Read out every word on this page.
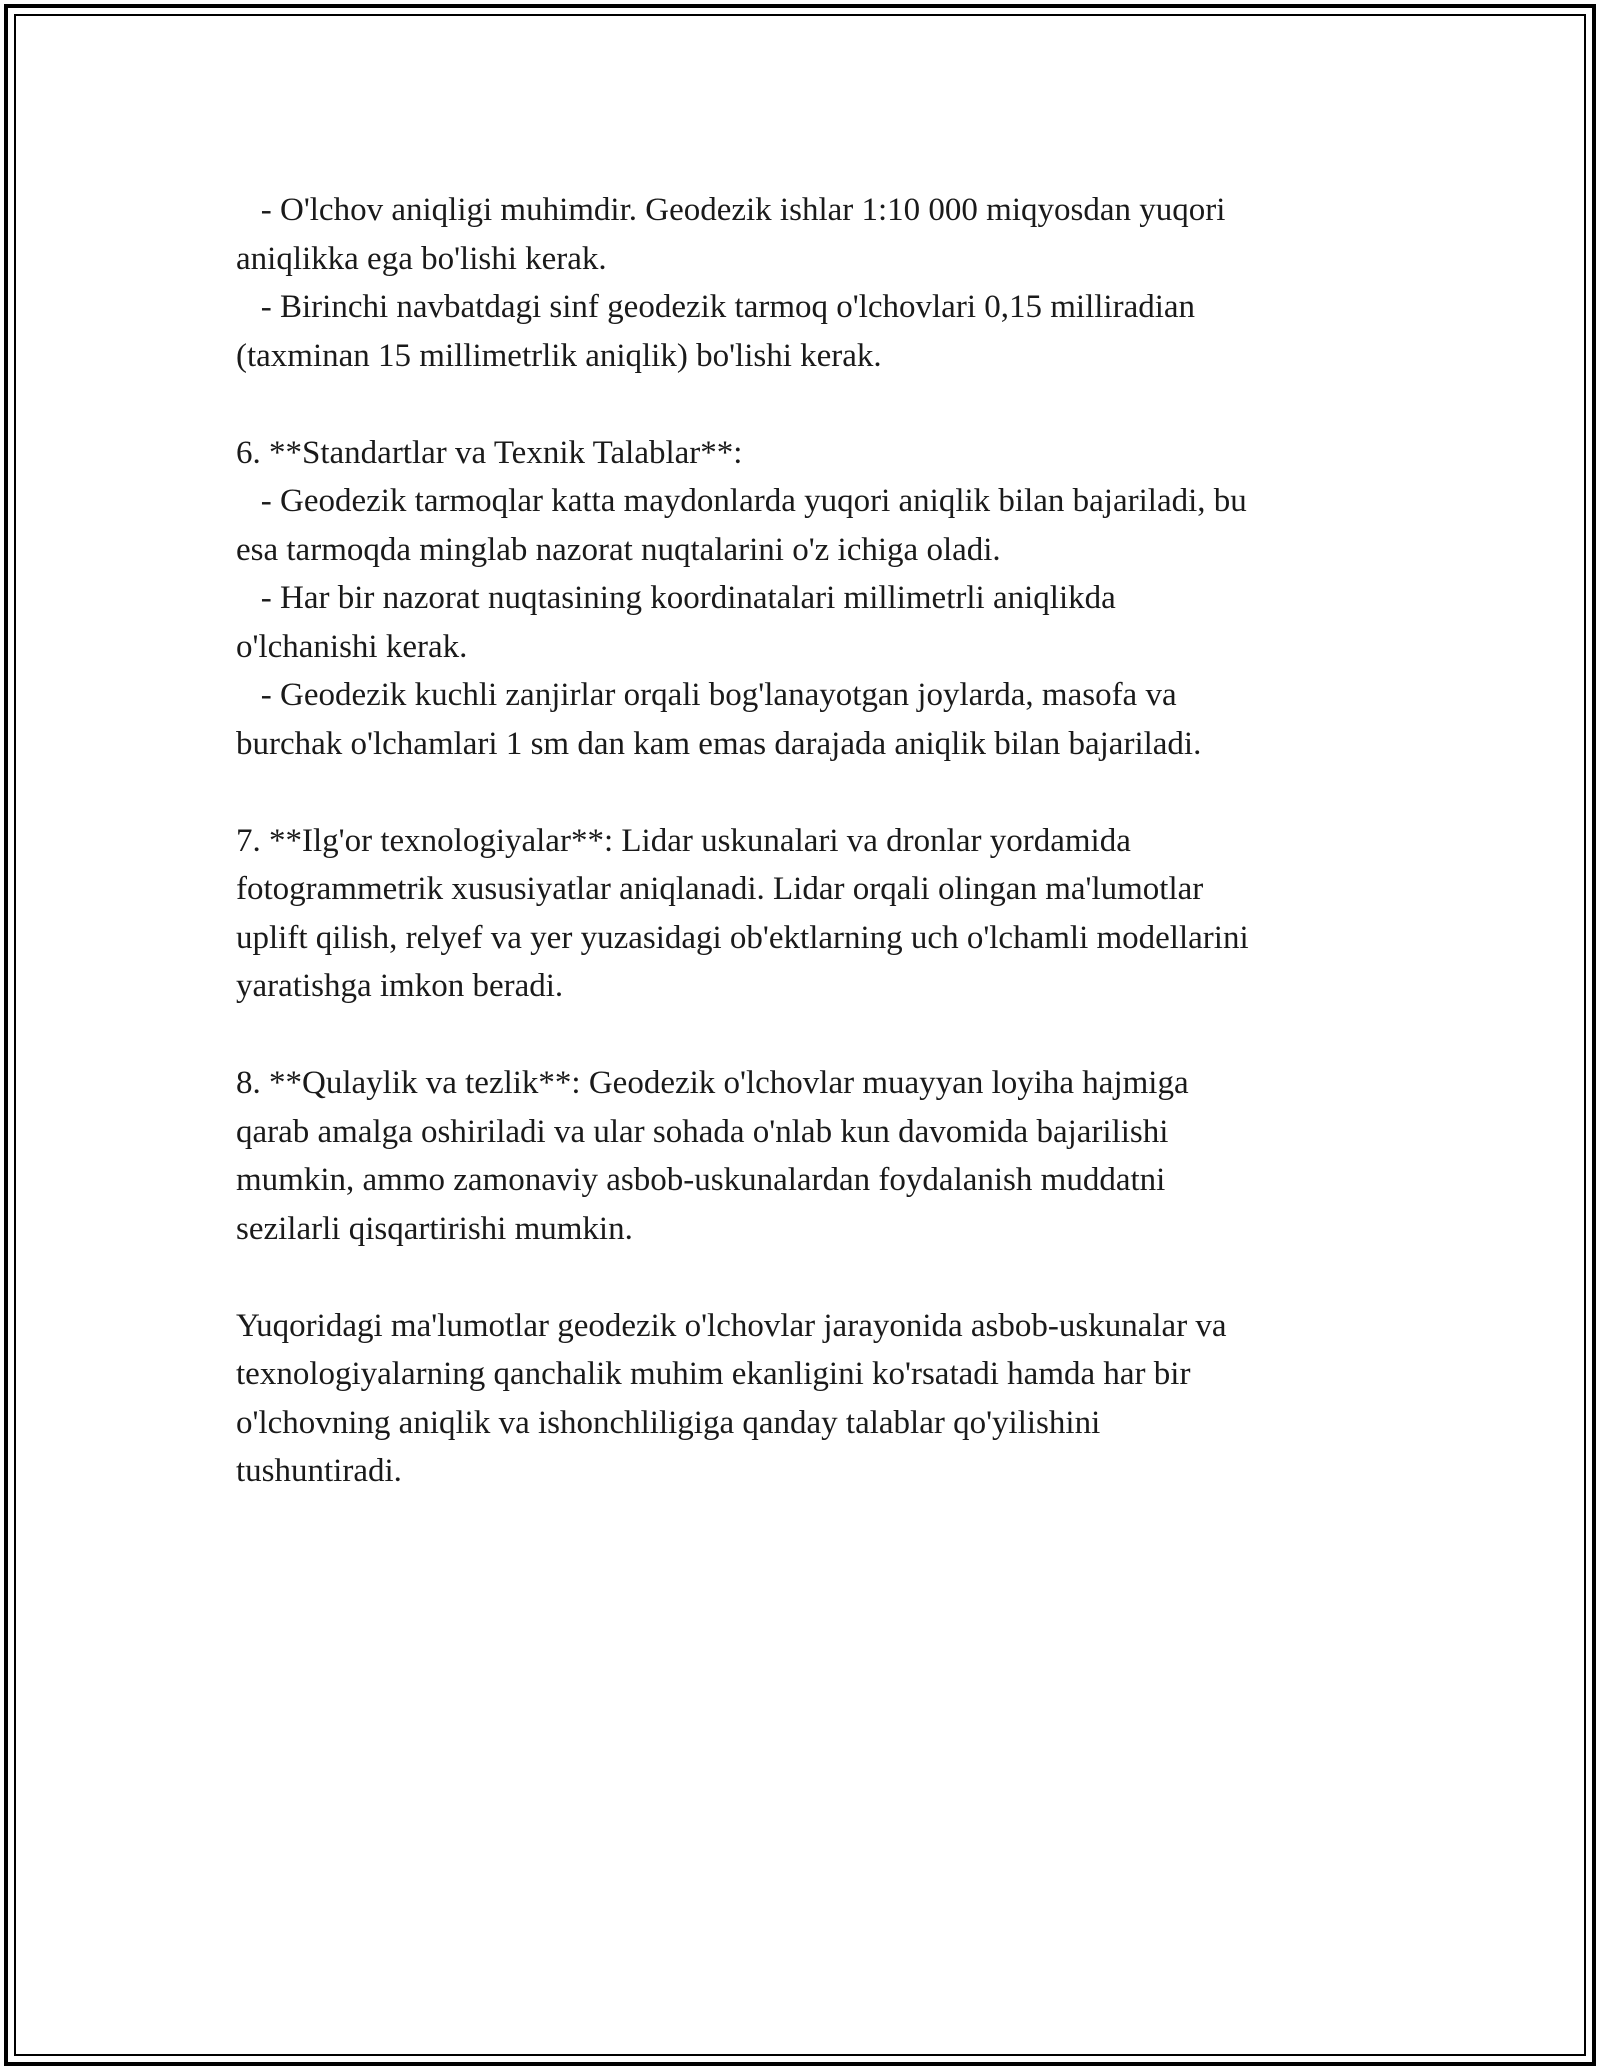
- O'lchov aniqligi muhimdir. Geodezik ishlar 1:10 000 miqyosdan yuqori

aniqlikka ega bo'lishi kerak.

- Birinchi navbatdagi sinf geodezik tarmoq o'lchovlari 0,15 milliradian

(taxminan 15 millimetrlik aniqlik) bo'lishi kerak.

6. **Standartlar va Texnik Talablar**:

- Geodezik tarmoqlar katta maydonlarda yuqori aniqlik bilan bajariladi, bu

esa tarmoqda minglab nazorat nuqtalarini o'z ichiga oladi.

- Har bir nazorat nuqtasining koordinatalari millimetrli aniqlikda

o'lchanishi kerak.

- Geodezik kuchli zanjirlar orqali bog'lanayotgan joylarda, masofa va

burchak o'lchamlari 1 sm dan kam emas darajada aniqlik bilan bajariladi.

7. **Ilg'or texnologiyalar**: Lidar uskunalari va dronlar yordamida

fotogrammetrik xususiyatlar aniqlanadi. Lidar orqali olingan ma'lumotlar

uplift qilish, relyef va yer yuzasidagi ob'ektlarning uch o'lchamli modellarini

yaratishga imkon beradi.

8. **Qulaylik va tezlik**: Geodezik o'lchovlar muayyan loyiha hajmiga

qarab amalga oshiriladi va ular sohada o'nlab kun davomida bajarilishi

mumkin, ammo zamonaviy asbob-uskunalardan foydalanish muddatni

sezilarli qisqartirishi mumkin.

Yuqoridagi ma'lumotlar geodezik o'lchovlar jarayonida asbob-uskunalar va

texnologiyalarning qanchalik muhim ekanligini ko'rsatadi hamda har bir

o'lchovning aniqlik va ishonchliligiga qanday talablar qo'yilishini

tushuntiradi.
